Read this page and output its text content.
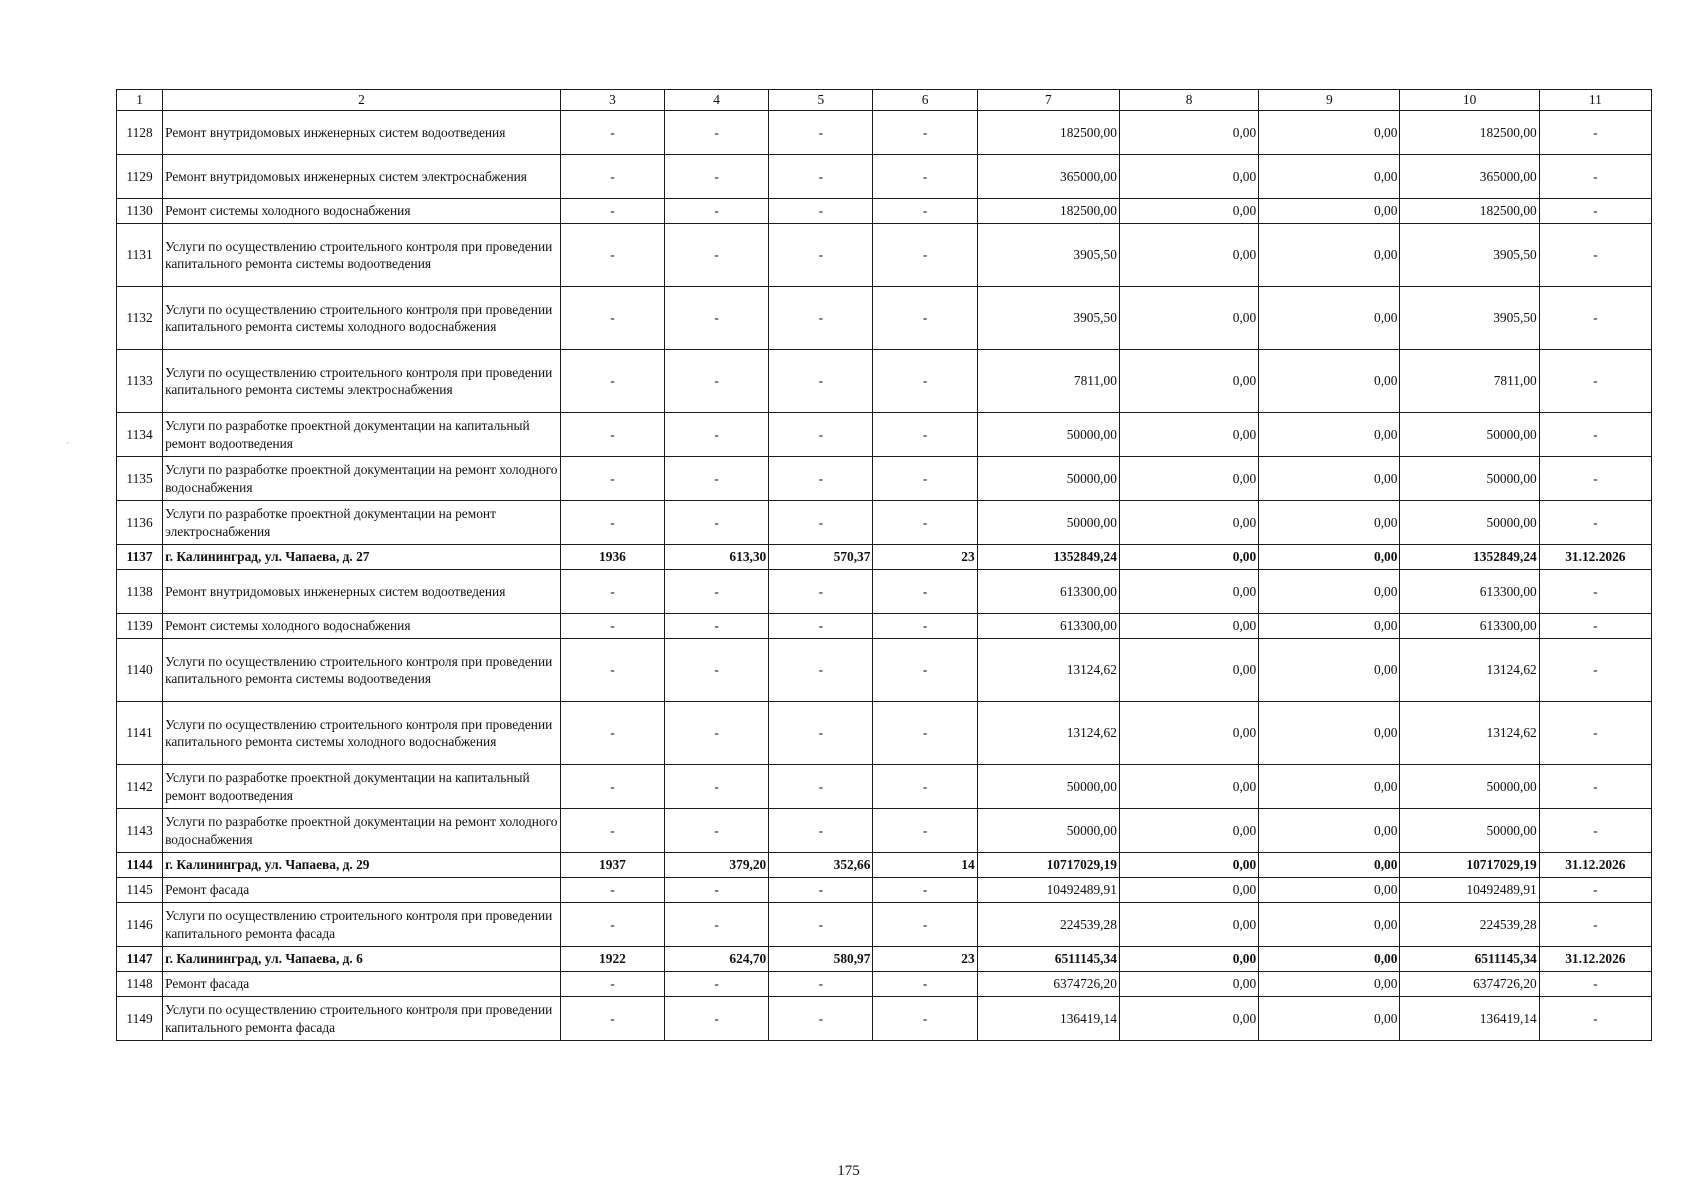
´
1	2	3	4	5	6	7	8	9	10	11
1128	Ремонт внутридомовых инженерных систем водоотведения	-	-	-	-	182500,00	0,00	0,00	182500,00	-
1129	Ремонт внутридомовых инженерных систем электроснабжения	-	-	-	-	365000,00	0,00	0,00	365000,00	-
1130	Ремонт системы холодного водоснабжения	-	-	-	-	182500,00	0,00	0,00	182500,00	-
1131	Услуги по осуществлению строительного контроля при проведении капитального ремонта системы водоотведения	-	-	-	-	3905,50	0,00	0,00	3905,50	-
1132	Услуги по осуществлению строительного контроля при проведении капитального ремонта системы холодного водоснабжения	-	-	-	-	3905,50	0,00	0,00	3905,50	-
1133	Услуги по осуществлению строительного контроля при проведении капитального ремонта системы электроснабжения	-	-	-	-	7811,00	0,00	0,00	7811,00	-
1134	Услуги по разработке проектной документации на капитальный ремонт водоотведения	-	-	-	-	50000,00	0,00	0,00	50000,00	-
1135	Услуги по разработке проектной документации на ремонт холодного водоснабжения	-	-	-	-	50000,00	0,00	0,00	50000,00	-
1136	Услуги по разработке проектной документации на ремонт электроснабжения	-	-	-	-	50000,00	0,00	0,00	50000,00	-
1137	г. Калининград, ул. Чапаева, д. 27	1936	613,30	570,37	23	1352849,24	0,00	0,00	1352849,24	31.12.2026
1138	Ремонт внутридомовых инженерных систем водоотведения	-	-	-	-	613300,00	0,00	0,00	613300,00	-
1139	Ремонт системы холодного водоснабжения	-	-	-	-	613300,00	0,00	0,00	613300,00	-
1140	Услуги по осуществлению строительного контроля при проведении капитального ремонта системы водоотведения	-	-	-	-	13124,62	0,00	0,00	13124,62	-
1141	Услуги по осуществлению строительного контроля при проведении капитального ремонта системы холодного водоснабжения	-	-	-	-	13124,62	0,00	0,00	13124,62	-
1142	Услуги по разработке проектной документации на капитальный ремонт водоотведения	-	-	-	-	50000,00	0,00	0,00	50000,00	-
1143	Услуги по разработке проектной документации на ремонт холодного водоснабжения	-	-	-	-	50000,00	0,00	0,00	50000,00	-
1144	г. Калининград, ул. Чапаева, д. 29	1937	379,20	352,66	14	10717029,19	0,00	0,00	10717029,19	31.12.2026
1145	Ремонт фасада	-	-	-	-	10492489,91	0,00	0,00	10492489,91	-
1146	Услуги по осуществлению строительного контроля при проведении капитального ремонта фасада	-	-	-	-	224539,28	0,00	0,00	224539,28	-
1147	г. Калининград, ул. Чапаева, д. 6	1922	624,70	580,97	23	6511145,34	0,00	0,00	6511145,34	31.12.2026
1148	Ремонт фасада	-	-	-	-	6374726,20	0,00	0,00	6374726,20	-
1149	Услуги по осуществлению строительного контроля при проведении капитального ремонта фасада	-	-	-	-	136419,14	0,00	0,00	136419,14	-
175
